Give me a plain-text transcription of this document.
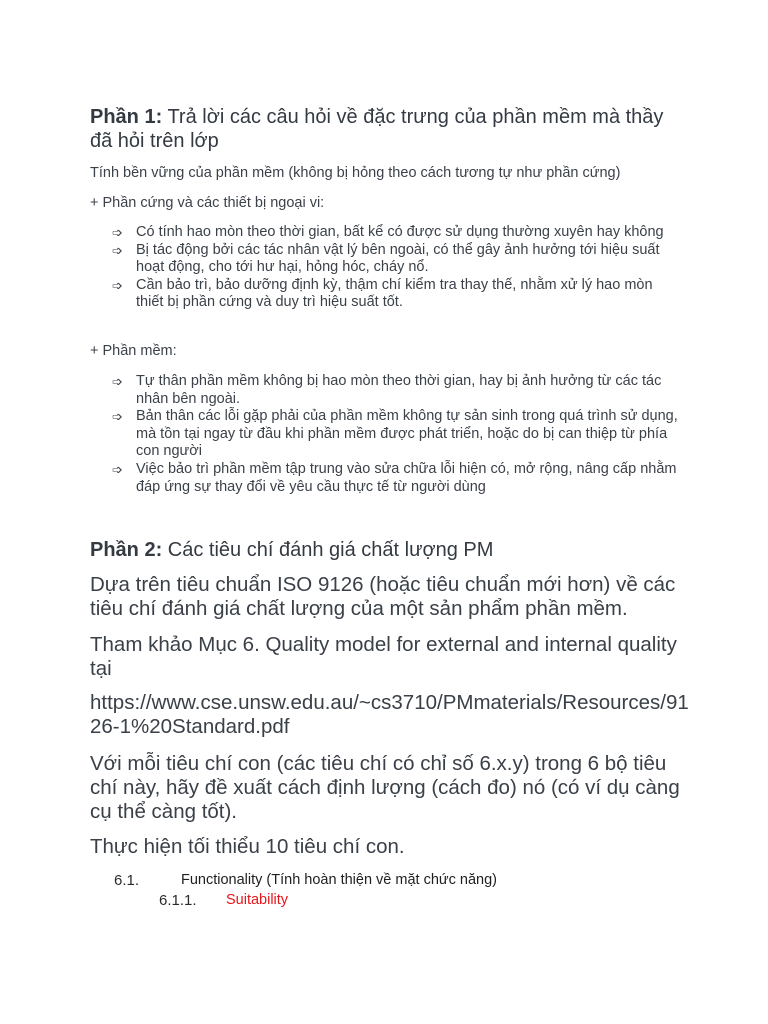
Phần 1: Trả lời các câu hỏi về đặc trưng của phần mềm mà thầy đã hỏi trên lớp
Tính bền vững của phần mềm (không bị hỏng theo cách tương tự như phần cứng)
+ Phần cứng và các thiết bị ngoại vi:
➩ Có tính hao mòn theo thời gian, bất kể có được sử dụng thường xuyên hay không
➩ Bị tác động bởi các tác nhân vật lý bên ngoài, có thể gây ảnh hưởng tới hiệu suất hoạt động, cho tới hư hại, hỏng hóc, cháy nổ.
➩ Cần bảo trì, bảo dưỡng định kỳ, thậm chí kiểm tra thay thế, nhằm xử lý hao mòn thiết bị phần cứng và duy trì hiệu suất tốt.
+ Phần mềm:
➩ Tự thân phần mềm không bị hao mòn theo thời gian, hay bị ảnh hưởng từ các tác nhân bên ngoài.
➩ Bản thân các lỗi gặp phải của phần mềm không tự sản sinh trong quá trình sử dụng, mà tồn tại ngay từ đầu khi phần mềm được phát triển, hoặc do bị can thiệp từ phía con người
➩ Việc bảo trì phần mềm tập trung vào sửa chữa lỗi hiện có, mở rộng, nâng cấp nhằm đáp ứng sự thay đổi về yêu cầu thực tế từ người dùng
Phần 2: Các tiêu chí đánh giá chất lượng PM
Dựa trên tiêu chuẩn ISO 9126 (hoặc tiêu chuẩn mới hơn) về các tiêu chí đánh giá chất lượng của một sản phẩm phần mềm.
Tham khảo Mục 6. Quality model for external and internal quality tại
https://www.cse.unsw.edu.au/~cs3710/PMmaterials/Resources/9126-1%20Standard.pdf
Với mỗi tiêu chí con (các tiêu chí có chỉ số 6.x.y) trong 6 bộ tiêu chí này, hãy đề xuất cách định lượng (cách đo) nó (có ví dụ càng cụ thể càng tốt).
Thực hiện tối thiểu 10 tiêu chí con.
6.1.	Functionality (Tính hoàn thiện về mặt chức năng)
6.1.1. Suitability
